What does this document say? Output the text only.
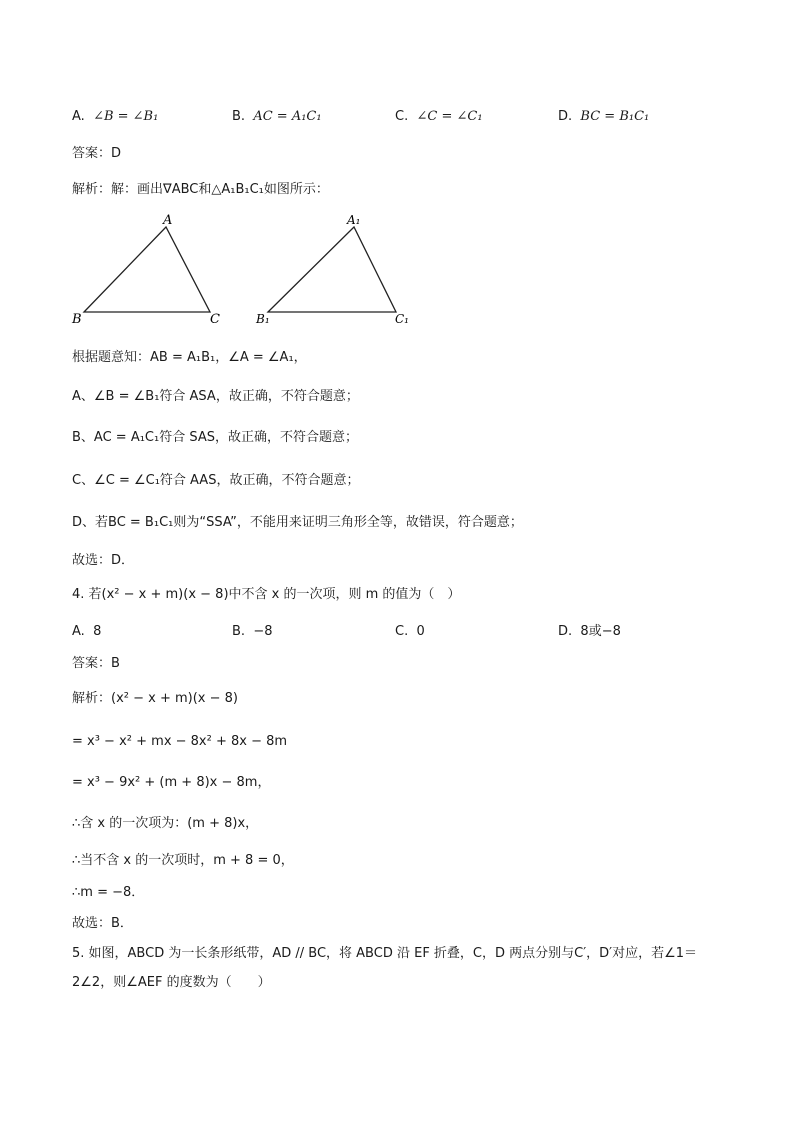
A. ∠B = ∠B₁	B. AC = A₁C₁	C. ∠C = ∠C₁	D. BC = B₁C₁
答案：D
解析：解：画出∇ABC和△A₁B₁C₁如图所示：
A
B	C
A₁
B₁	C₁
根据题意知：AB = A₁B₁，∠A = ∠A₁，
A、∠B = ∠B₁符合 ASA，故正确，不符合题意；
B、AC = A₁C₁符合 SAS，故正确，不符合题意；
C、∠C = ∠C₁符合 AAS，故正确，不符合题意；
D、若BC = B₁C₁则为“SSA”，不能用来证明三角形全等，故错误，符合题意；
故选：D．
4. 若(x² − x + m)(x − 8)中不含 x 的一次项，则 m 的值为（　）
A. 8	B. −8	C. 0	D. 8或−8
答案：B
解析：(x² − x + m)(x − 8)
= x³ − x² + mx − 8x² + 8x − 8m
= x³ − 9x² + (m + 8)x − 8m，
∴含 x 的一次项为：(m + 8)x，
∴当不含 x 的一次项时，m + 8 = 0，
∴m = −8．
故选：B．
5. 如图，ABCD 为一长条形纸带，AD // BC，将 ABCD 沿 EF 折叠，C，D 两点分别与C′，D′对应，若∠1＝
2∠2，则∠AEF 的度数为（　　）
